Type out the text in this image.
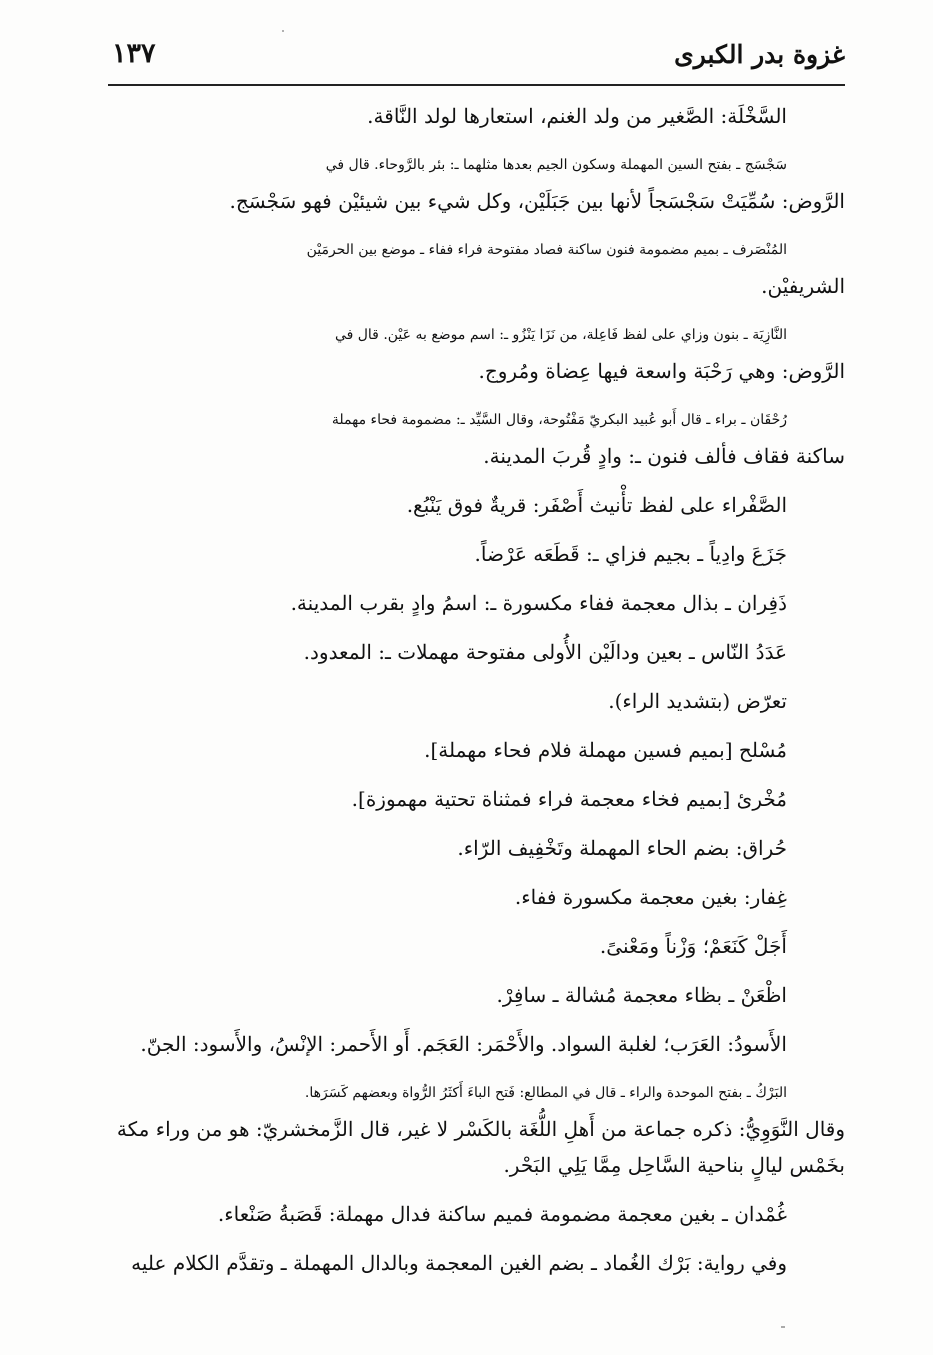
غزوة بدر الكبرى
١٣٧
السَّخْلَة: الصَّغير من ولد الغنم، استعارها لولد النَّاقة.
سَجْسَج ـ بفتح السين المهملة وسكون الجيم بعدها مثلهما ـ: بئر بالرَّوحاء. قال في
الرَّوض: سُمِّيَتْ سَجْسَجاً لأنها بين جَبَلَيْن، وكل شيء بين شيئيْن فهو سَجْسَج.
المُنْصَرف ـ بميم مضمومة فنون ساكنة فصاد مفتوحة فراء ففاء ـ موضع بين الحرمَيْن
الشريفيْن.
النَّازِيَة ـ بنون وزاي على لفظ فَاعِلة، من نَزَا يَنْزُو ـ: اسم موضع به عَيْن. قال في
الرَّوض: وهي رَحْبَة واسعة فيها عِضاة ومُروج.
رُحْقَان ـ براء ـ قال أَبو عُبيد البكريّ مَفْتُوحة، وقال السَّيِّد ـ: مضمومة فحاء مهملة
ساكنة فقاف فألف فنون ـ: وادٍ قُربَ المدينة.
الصَّفْراء على لفظ تأْنيث أَصْفَر: قريةٌ فوق يَنْبُع.
جَزَعَ وادِياً ـ بجيم فزاي ـ: قَطَعَه عَرْضاً.
ذَفِران ـ بذال معجمة ففاء مكسورة ـ: اسمُ وادٍ بقرب المدينة.
عَدَدُ النّاس ـ بعين ودالَيْن الأُولى مفتوحة مهملات ـ: المعدود.
تعرّض (بتشديد الراء).
مُسْلح [بميم فسين مهملة فلام فحاء مهملة].
مُخْرئ [بميم فخاء معجمة فراء فمثناة تحتية مهموزة].
حُراق: بضم الحاء المهملة وتَخْفِيف الرّاء.
غِفار: بغين معجمة مكسورة ففاء.
أَجَلْ كَنَعَمْ؛ وَزْناً ومَعْنىً.
اظْعَنْ ـ بظاء معجمة مُشالة ـ سافِرْ.
الأَسودُ: العَرَب؛ لغلبة السواد. والأَحْمَر: العَجَم. أَو الأَحمر: الإنْسُ، والأَسود: الجنّ.
البَرْكُ ـ بفتح الموحدة والراء ـ قال في المطالع: فَتح الباءَ أَكثَرُ الرُّواة وبعضهم كَسَرَها.
وقال النَّوَوِيُّ: ذكره جماعة من أَهلِ اللُّغَة بالكَسْر لا غير، قال الزَّمخشريّ: هو من وراء مكة
بخَمْس ليالٍ بناحية السَّاحِل مِمَّا يَلِي البَحْر.
غُمْدان ـ بغين معجمة مضمومة فميم ساكنة فدال مهملة: قَصَبةُ صَنْعاء.
وفي رواية: بَرْك الغُماد ـ بضم الغين المعجمة وبالدال المهملة ـ وتقدَّم الكلام عليه
